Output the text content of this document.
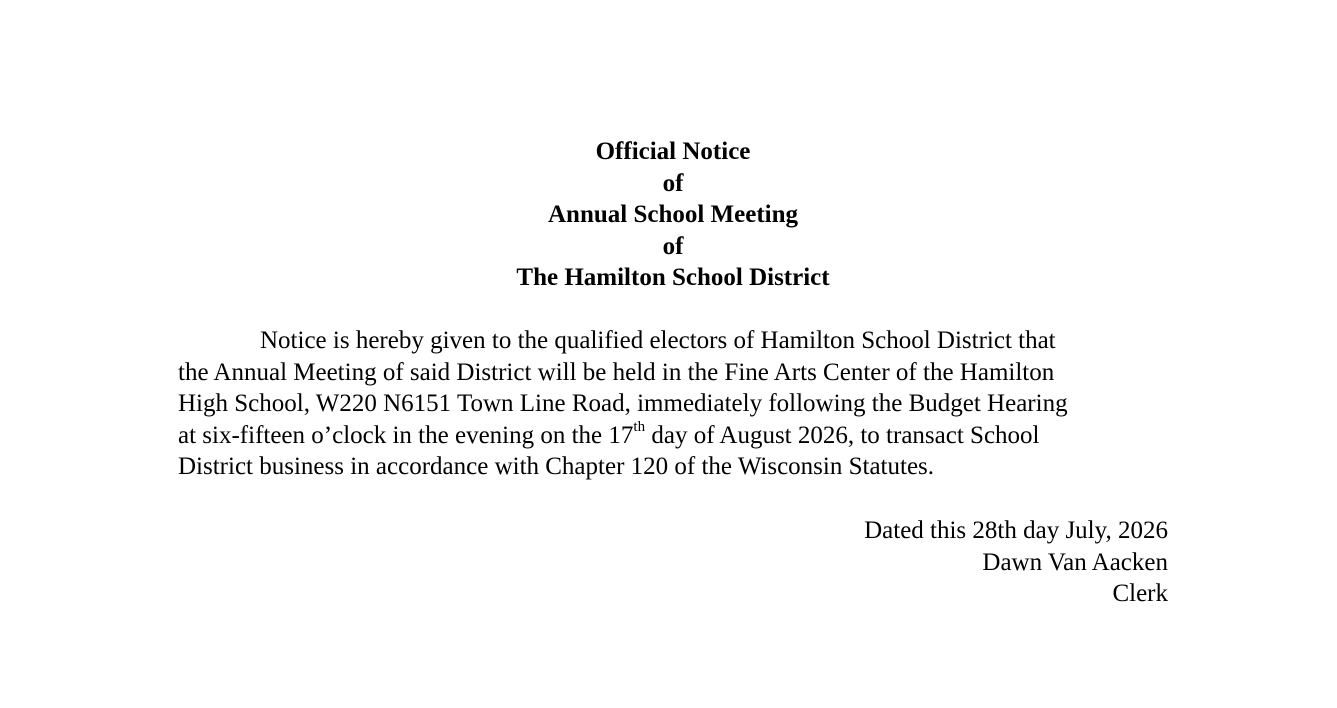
Official Notice
of
Annual School Meeting
of
The Hamilton School District
Notice is hereby given to the qualified electors of Hamilton School District that
the Annual Meeting of said District will be held in the Fine Arts Center of the Hamilton
High School, W220 N6151 Town Line Road, immediately following the Budget Hearing
at six-fifteen o’clock in the evening on the 17th day of August 2026, to transact School
District business in accordance with Chapter 120 of the Wisconsin Statutes.
Dated this 28th day July, 2026
Dawn Van Aacken
Clerk
